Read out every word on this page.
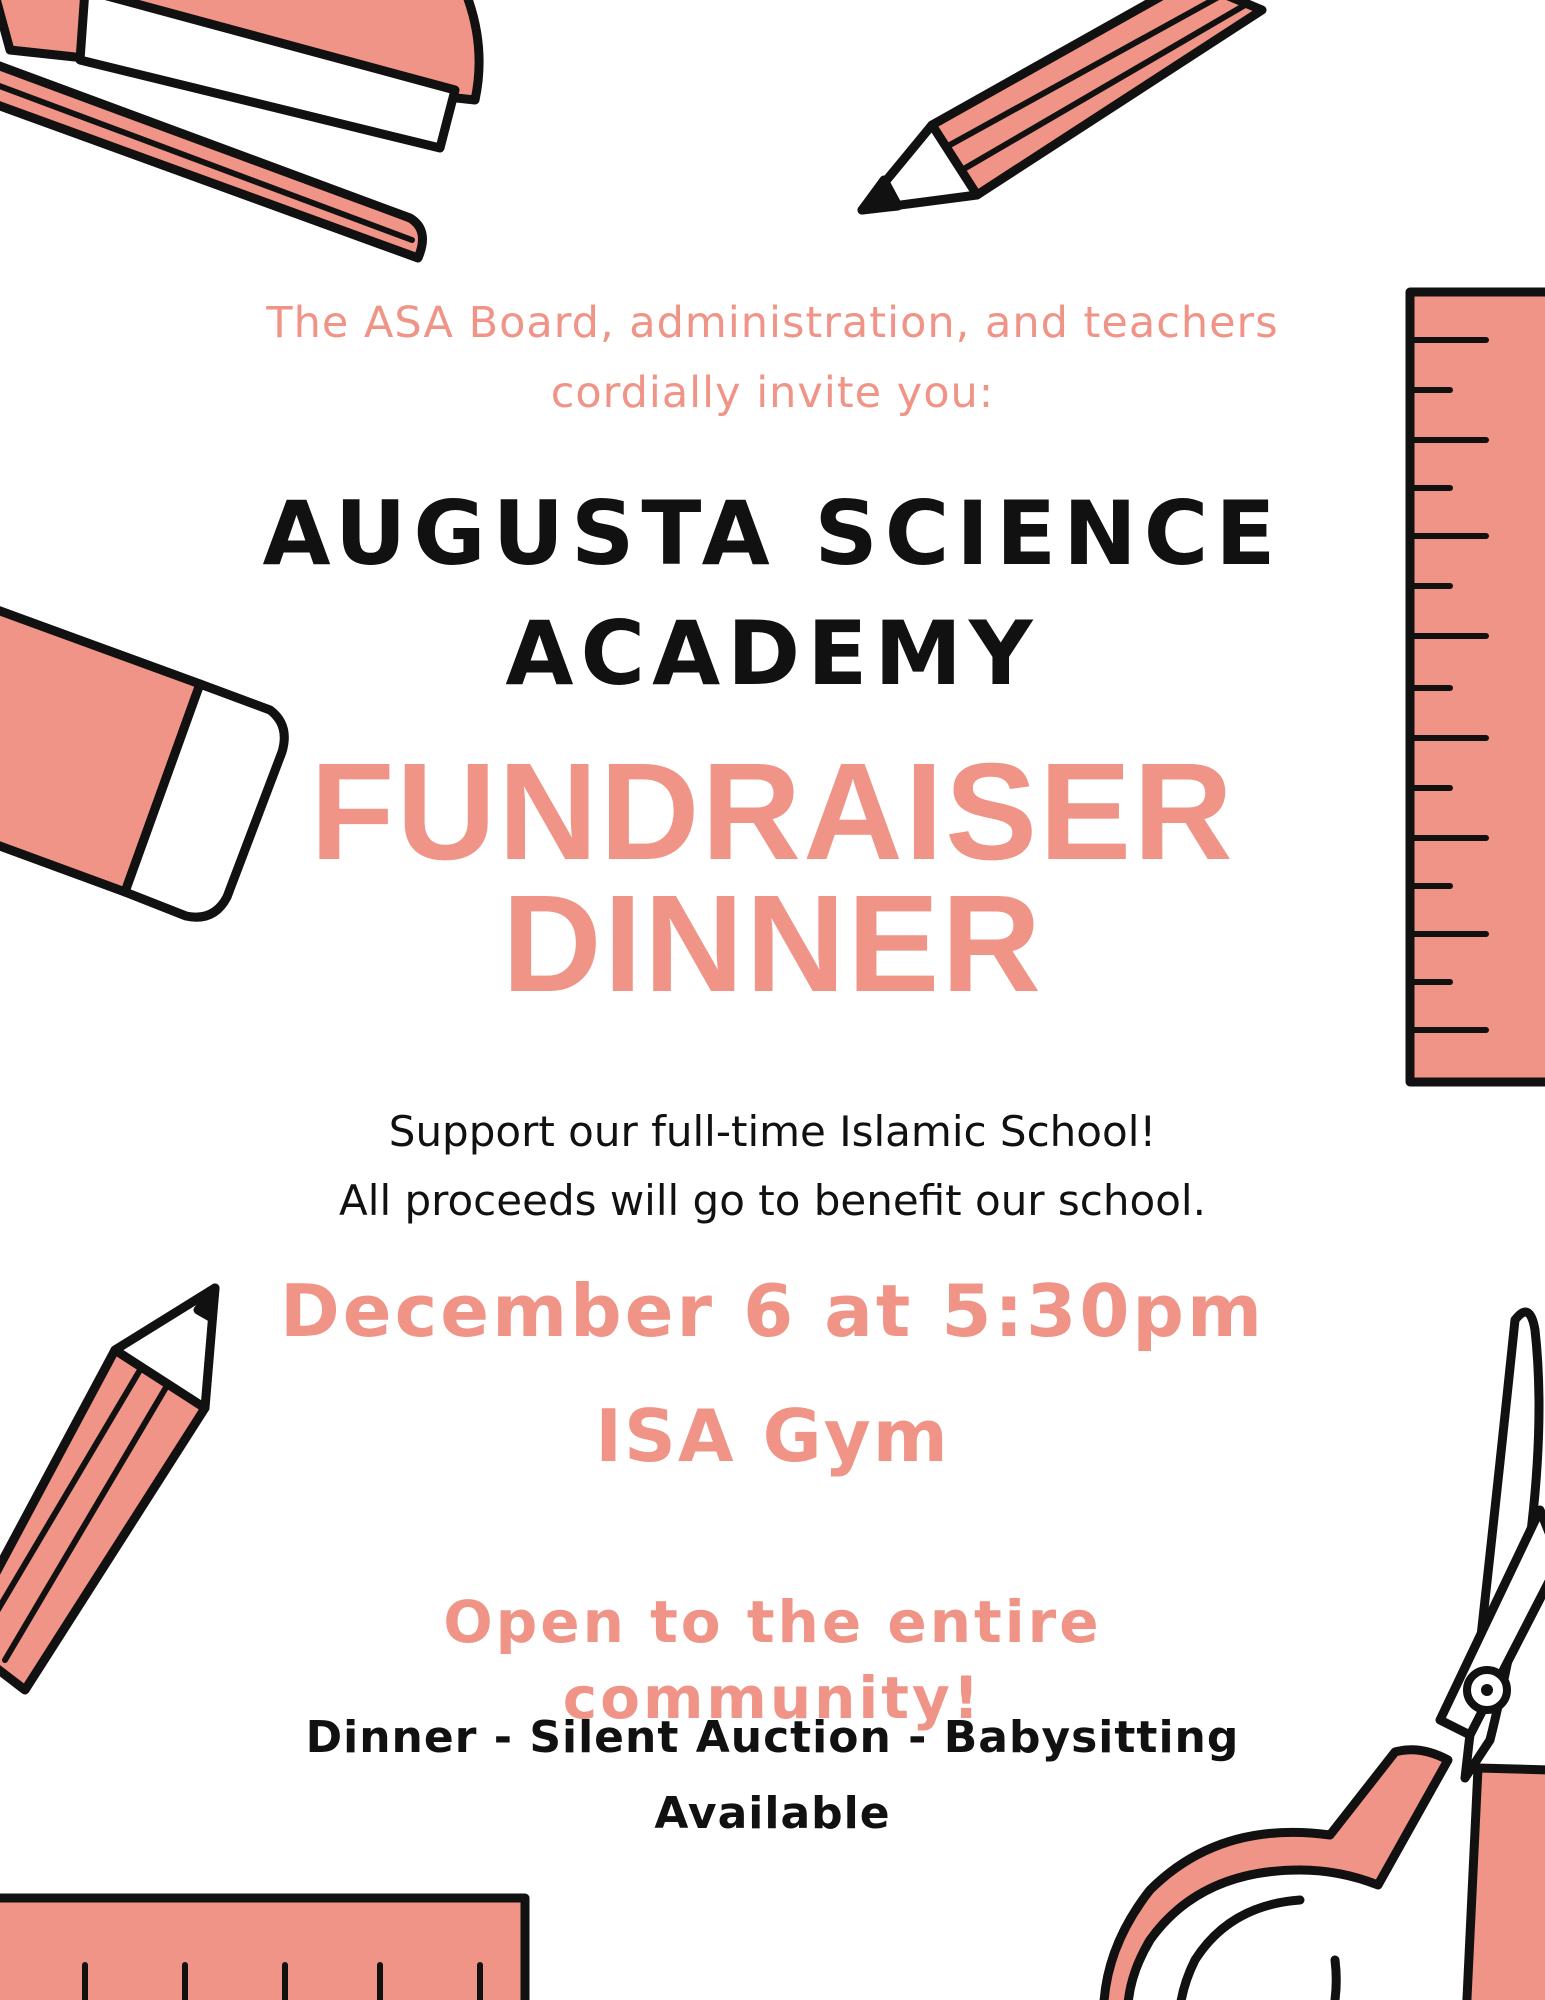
The ASA Board, administration, and teachers cordially invite you:

AUGUSTA SCIENCE ACADEMY
FUNDRAISER DINNER
Support our full-time Islamic School!
All proceeds will go to benefit our school.
December 6 at 5:30pm
ISA Gym
Open to the entire community!
Dinner - Silent Auction - Babysitting Available
